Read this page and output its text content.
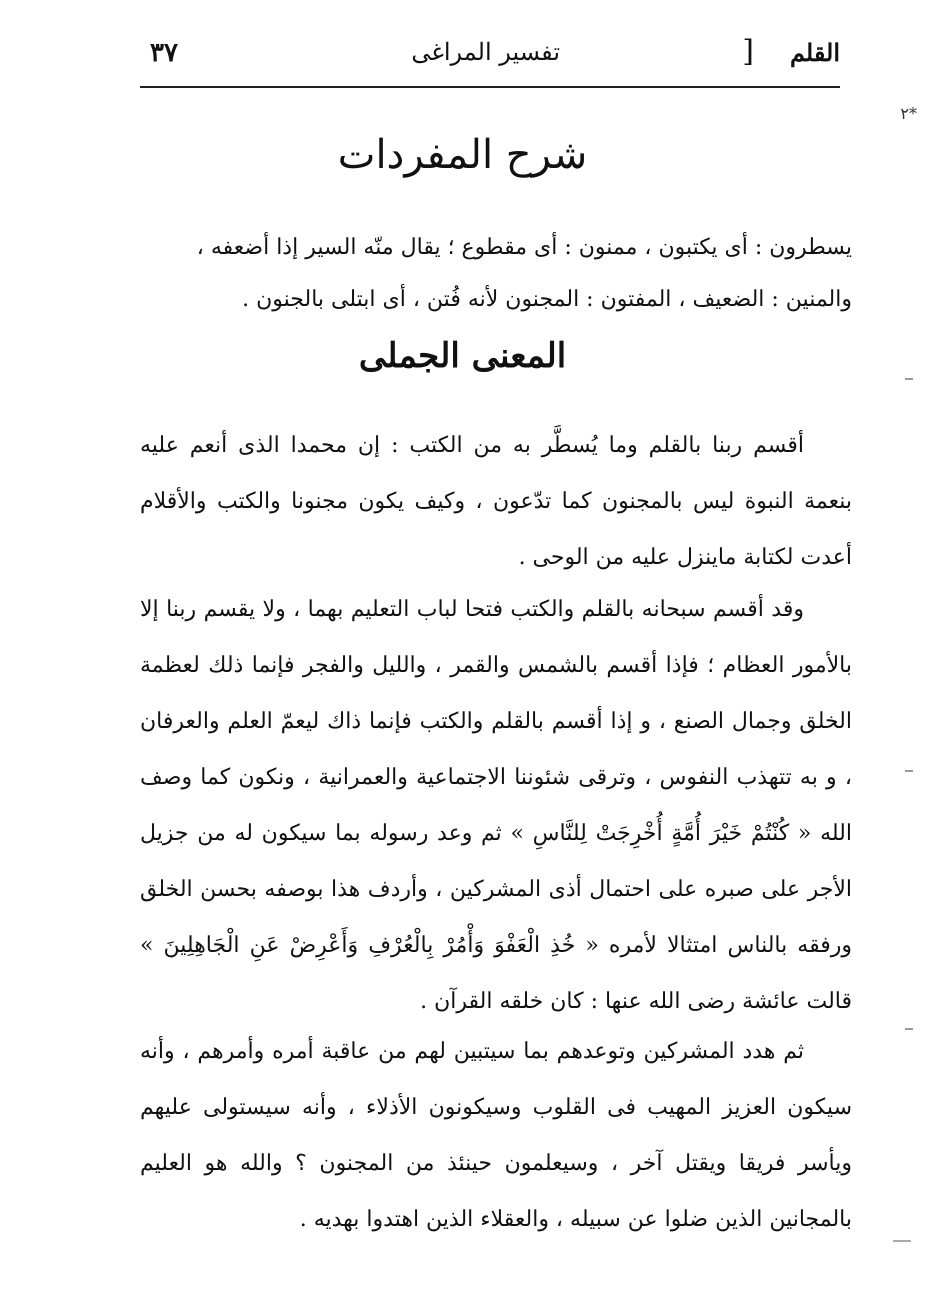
القلم
[
تفسير المراغى
٣٧
*٢
شرح المفردات

يسطرون : أى يكتبون ، ممنون : أى مقطوع ؛ يقال منّه السير إذا أضعفه ،

والمنين : الضعيف ، المفتون : المجنون لأنه فُتن ، أى ابتلى بالجنون .

المعنى الجملى

أقسم ربنا بالقلم وما يُسطَّر به من الكتب : إن محمدا الذى أنعم عليه بنعمة النبوة ليس بالمجنون كما تدّعون ، وكيف يكون مجنونا والكتب والأقلام أعدت لكتابة ماينزل عليه من الوحى .

وقد أقسم سبحانه بالقلم والكتب فتحا لباب التعليم بهما ، ولا يقسم ربنا إلا بالأمور العظام ؛ فإذا أقسم بالشمس والقمر ، والليل والفجر فإنما ذلك لعظمة الخلق وجمال الصنع ، و إذا أقسم بالقلم والكتب فإنما ذاك ليعمّ العلم والعرفان ، و به تتهذب النفوس ، وترقى شئوننا الاجتماعية والعمرانية ، ونكون كما وصف الله « كُنْتُمْ خَيْرَ أُمَّةٍ أُخْرِجَتْ لِلنَّاسِ » ثم وعد رسوله بما سيكون له من جزيل الأجر على صبره على احتمال أذى المشركين ، وأردف هذا بوصفه بحسن الخلق ورفقه بالناس امتثالا لأمره « خُذِ الْعَفْوَ وَأْمُرْ بِالْعُرْفِ وَأَعْرِضْ عَنِ الْجَاهِلِينَ » قالت عائشة رضى الله عنها : كان خلقه القرآن .

ثم هدد المشركين وتوعدهم بما سيتبين لهم من عاقبة أمره وأمرهم ، وأنه سيكون العزيز المهيب فى القلوب وسيكونون الأذلاء ، وأنه سيستولى عليهم ويأسر فريقا ويقتل آخر ، وسيعلمون حينئذ من المجنون ؟ والله هو العليم بالمجانين الذين ضلوا عن سبيله ، والعقلاء الذين اهتدوا بهديه .
